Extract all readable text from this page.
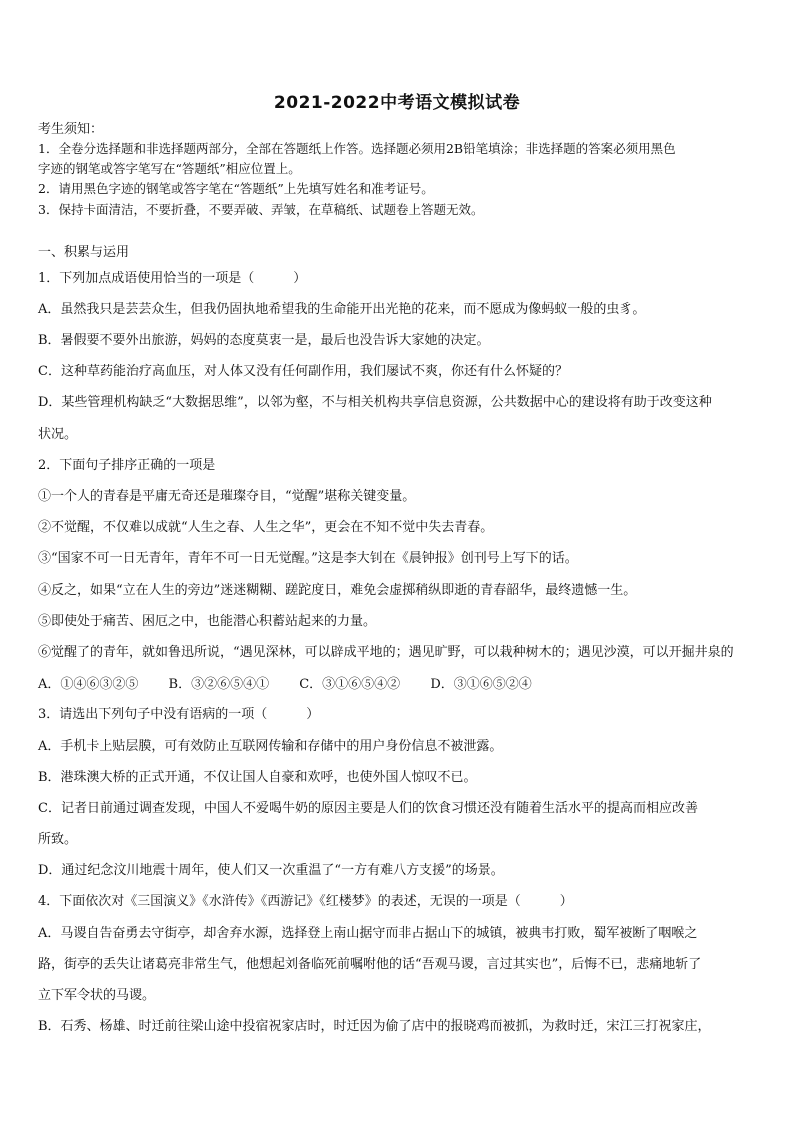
2021-2022中考语文模拟试卷
考生须知：
1．全卷分选择题和非选择题两部分，全部在答题纸上作答。选择题必须用2B铅笔填涂；非选择题的答案必须用黑色
字迹的钢笔或答字笔写在“答题纸”相应位置上。
2．请用黑色字迹的钢笔或答字笔在“答题纸”上先填写姓名和准考证号。
3．保持卡面清洁，不要折叠，不要弄破、弄皱，在草稿纸、试题卷上答题无效。
一、积累与运用
1．下列加点成语使用恰当的一项是（　　　）
A．虽然我只是芸芸众生，但我仍固执地希望我的生命能开出光艳的花来，而不愿成为像蚂蚁一般的虫豸。
B．暑假要不要外出旅游，妈妈的态度莫衷一是，最后也没告诉大家她的决定。
C．这种草药能治疗高血压，对人体又没有任何副作用，我们屡试不爽，你还有什么怀疑的？
D．某些管理机构缺乏“大数据思维”，以邻为壑，不与相关机构共享信息资源，公共数据中心的建设将有助于改变这种
状况。
2．下面句子排序正确的一项是
①一个人的青春是平庸无奇还是璀璨夺目，“觉醒”堪称关键变量。
②不觉醒，不仅难以成就“人生之春、人生之华”，更会在不知不觉中失去青春。
③“国家不可一日无青年，青年不可一日无觉醒。”这是李大钊在《晨钟报》创刊号上写下的话。
④反之，如果“立在人生的旁边”迷迷糊糊、蹉跎度日，难免会虚掷稍纵即逝的青春韶华，最终遗憾一生。
⑤即使处于痛苦、困厄之中，也能潜心积蓄站起来的力量。
⑥觉醒了的青年，就如鲁迅所说，“遇见深林，可以辟成平地的；遇见旷野，可以栽种树木的；遇见沙漠，可以开掘井泉的
A．①④⑥③②⑤ B．③②⑥⑤④① C．③①⑥⑤④② D．③①⑥⑤②④
3．请选出下列句子中没有语病的一项（　　　）
A．手机卡上贴层膜，可有效防止互联网传输和存储中的用户身份信息不被泄露。
B．港珠澳大桥的正式开通，不仅让国人自豪和欢呼，也使外国人惊叹不已。
C．记者日前通过调查发现，中国人不爱喝牛奶的原因主要是人们的饮食习惯还没有随着生活水平的提高而相应改善
所致。
D．通过纪念汶川地震十周年，使人们又一次重温了“一方有难八方支援”的场景。
4．下面依次对《三国演义》《水浒传》《西游记》《红楼梦》的表述，无误的一项是（　　　）
A．马谡自告奋勇去守街亭，却舍弃水源，选择登上南山据守而非占据山下的城镇，被典韦打败，蜀军被断了咽喉之
路，街亭的丢失让诸葛亮非常生气，他想起刘备临死前嘱咐他的话“吾观马谡，言过其实也”，后悔不已，悲痛地斩了
立下军令状的马谡。
B．石秀、杨雄、时迁前往梁山途中投宿祝家店时，时迁因为偷了店中的报晓鸡而被抓，为救时迁，宋江三打祝家庄，
